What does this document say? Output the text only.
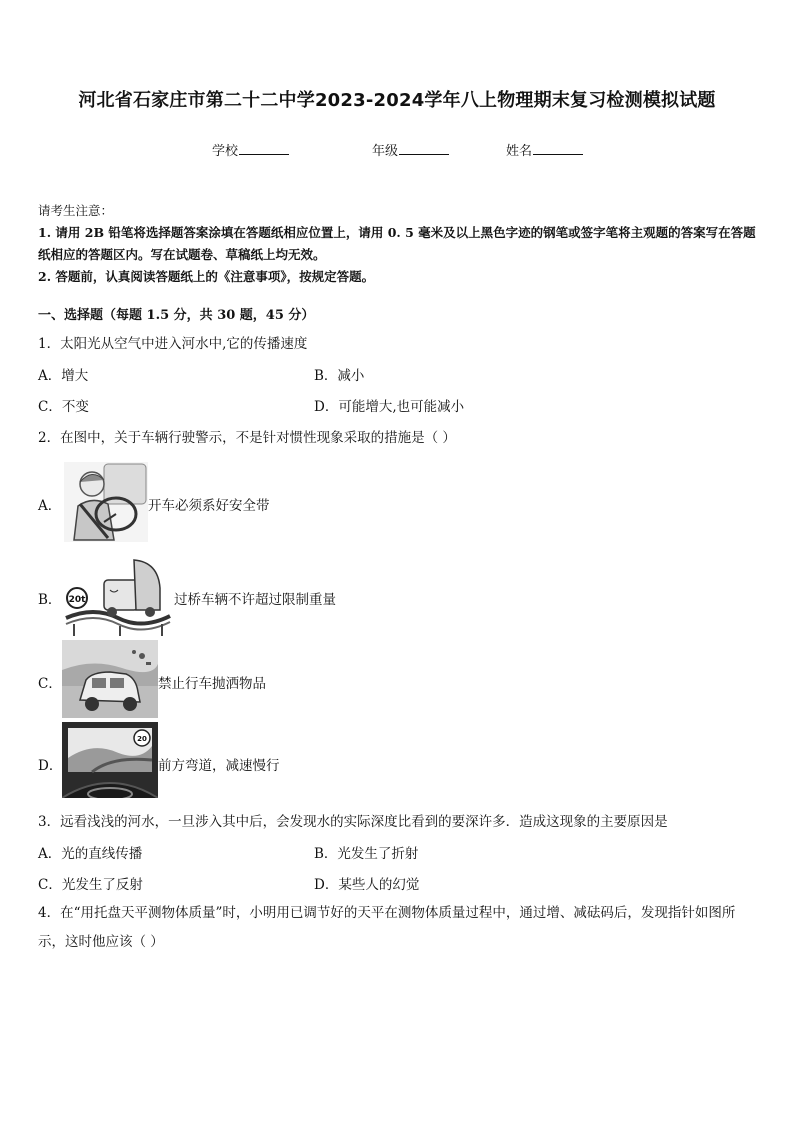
河北省石家庄市第二十二中学2023-2024学年八上物理期末复习检测模拟试题
学校	年级	姓名
请考生注意：
1. 请用 2B 铅笔将选择题答案涂填在答题纸相应位置上，请用 0. 5 毫米及以上黑色字迹的钢笔或签字笔将主观题的答案写在答题纸相应的答题区内。写在试题卷、草稿纸上均无效。
2. 答题前，认真阅读答题纸上的《注意事项》，按规定答题。
一、选择题（每题 1.5 分，共 30 题，45 分）
1．太阳光从空气中进入河水中,它的传播速度
A．增大	B．减小
C．不变	D．可能增大,也可能减小
2．在图中，关于车辆行驶警示，不是针对惯性现象采取的措施是（ ）
A．	开车必须系好安全带
B． 20t	过桥车辆不许超过限制重量
C．	禁止行车抛洒物品
D．
20
前方弯道，减速慢行
3．远看浅浅的河水，一旦涉入其中后，会发现水的实际深度比看到的要深许多．造成这现象的主要原因是
A．光的直线传播	B．光发生了折射
C．光发生了反射	D．某些人的幻觉
4．在“用托盘天平测物体质量”时，小明用已调节好的天平在测物体质量过程中，通过增、减砝码后，发现指针如图所示，这时他应该（ ）
